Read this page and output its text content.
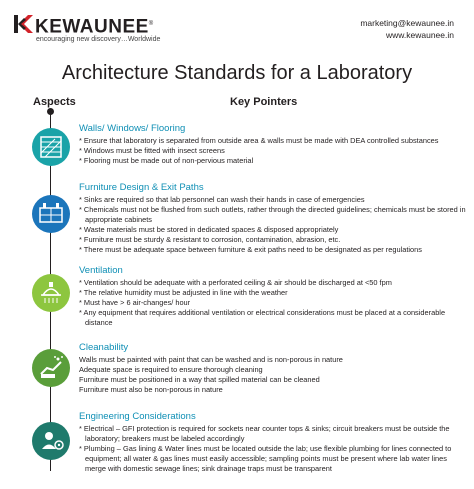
KEWAUNEE®
encouraging new discovery…Worldwide
marketing@kewaunee.in
www.kewaunee.in
Architecture Standards for a Laboratory
Aspects	Key Pointers
Walls/ Windows/ Flooring

* Ensure that laboratory is separated from outside area & walls must be made with DEA controlled substances

* Windows must be fitted with insect screens

* Flooring must be made out of non-pervious material

Furniture Design & Exit Paths

* Sinks are required so that lab personnel can wash their hands in case of emergencies

* Chemicals must not be flushed from such outlets, rather through the directed guidelines; chemicals must be stored in appropriate cabinets

* Waste materials must be stored in dedicated spaces & disposed appropriately

* Furniture must be sturdy & resistant to corrosion, contamination, abrasion, etc.

* There must be adequate space between furniture & exit paths need to be designated as per regulations

Ventilation

* Ventilation should be adequate with a perforated ceiling & air should be discharged at <50 fpm

* The relative humidity must be adjusted in line with the weather

* Must have > 6 air-changes/ hour

* Any equipment that requires additional ventilation or electrical considerations must be placed at a considerable distance

Cleanability

Walls must be painted with paint that can be washed and is non-porous in nature

Adequate space is required to ensure thorough cleaning

Furniture must be positioned in a way that spilled material can be cleaned

Furniture must also be non-porous in nature

Engineering Considerations

* Electrical – GFI protection is required for sockets near counter tops & sinks; circuit breakers must be outside the laboratory; breakers must be labeled accordingly

* Plumbing – Gas lining & Water lines must be located outside the lab; use flexible plumbing for lines connected to equipment; all water & gas lines must easily accessible; sampling points must be present where lab water lines merge with domestic sewage lines; sink drainage traps must be transparent
